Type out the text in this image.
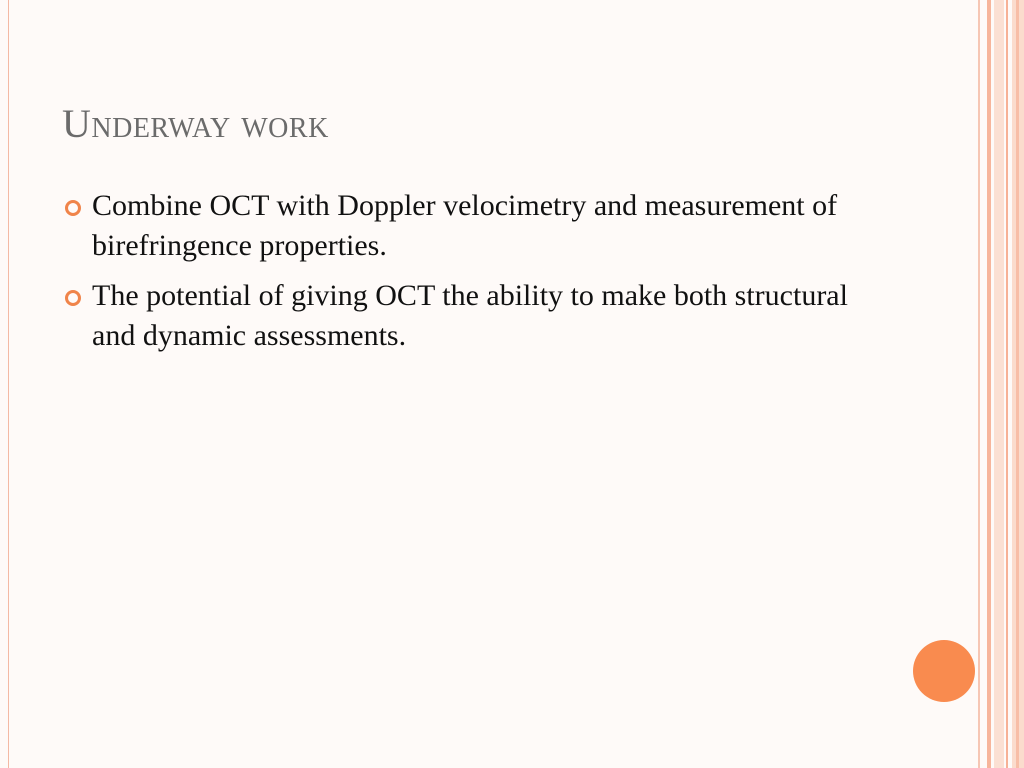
Underway work
Combine OCT with Doppler velocimetry and measurement of birefringence properties.
The potential of giving OCT the ability to make both structural and dynamic assessments.
